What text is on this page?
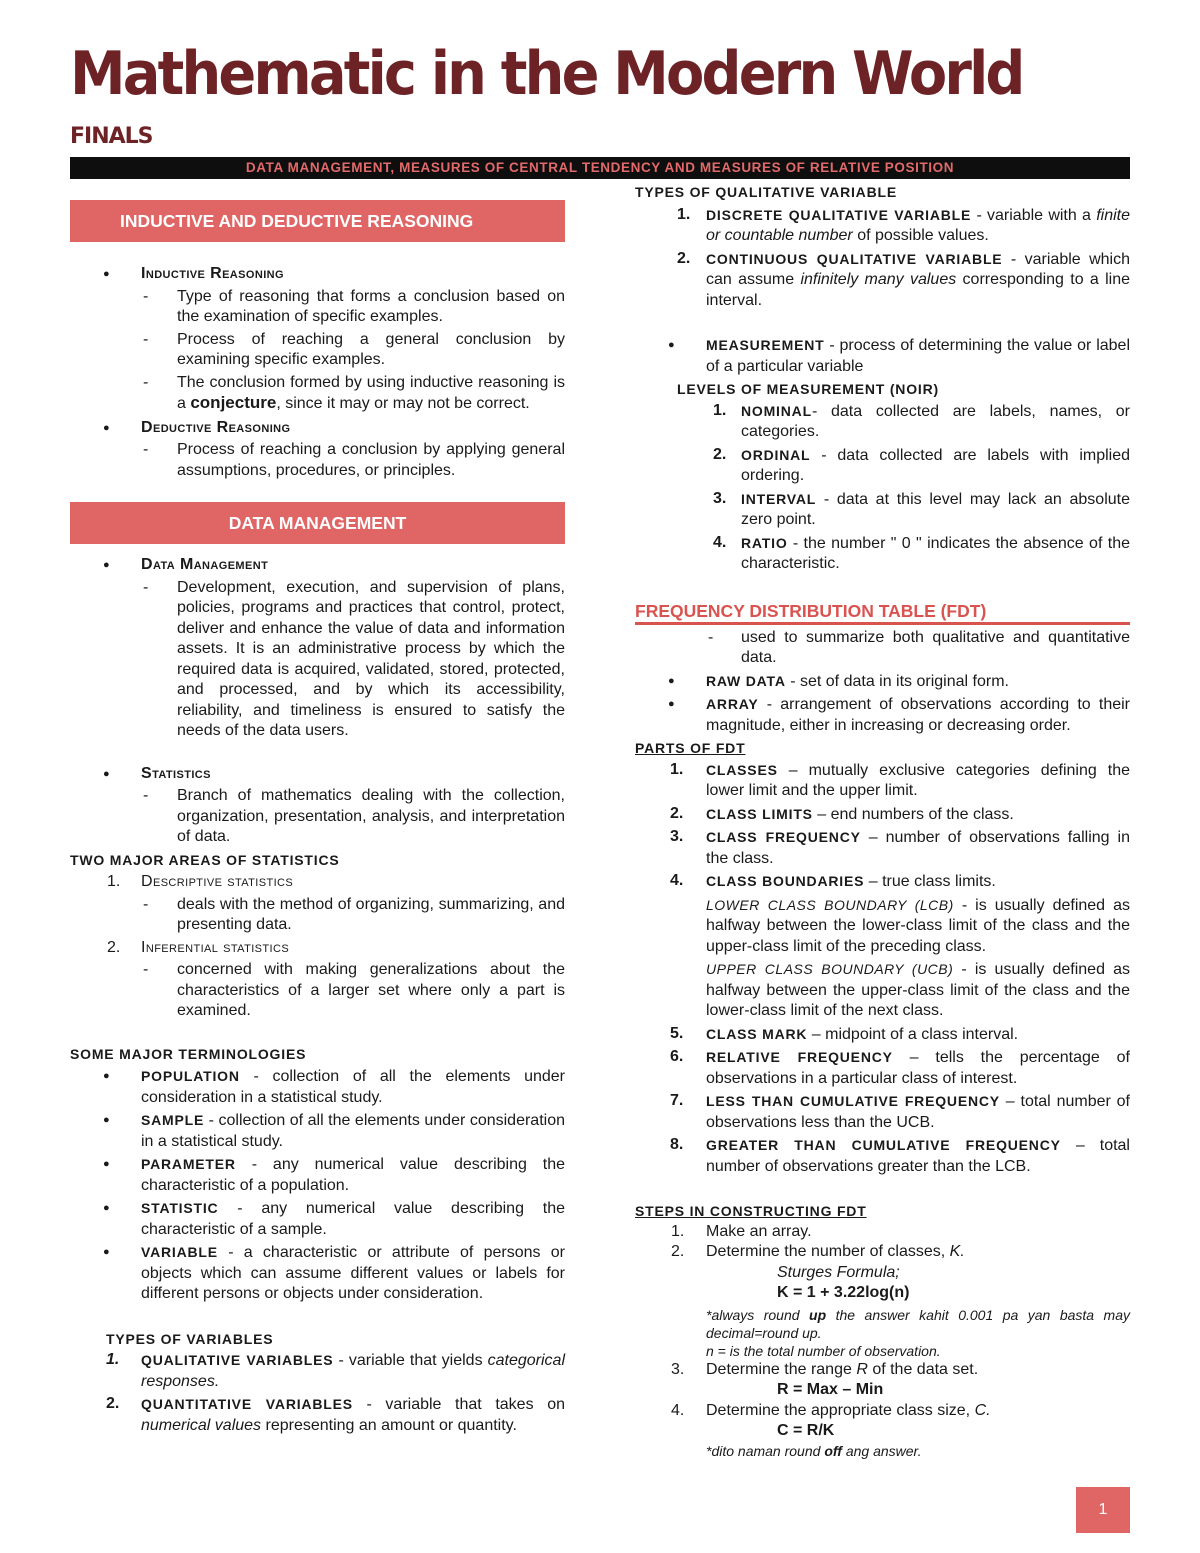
Mathematic in the Modern World
FINALS
DATA MANAGEMENT, MEASURES OF CENTRAL TENDENCY AND MEASURES OF RELATIVE POSITION
INDUCTIVE AND DEDUCTIVE REASONING
● Inductive Reasoning
- Type of reasoning that forms a conclusion based on the examination of specific examples.
- Process of reaching a general conclusion by examining specific examples.
- The conclusion formed by using inductive reasoning is a conjecture, since it may or may not be correct.
● Deductive Reasoning
- Process of reaching a conclusion by applying general assumptions, procedures, or principles.
DATA MANAGEMENT
● Data Management
- Development, execution, and supervision of plans, policies, programs and practices that control, protect, deliver and enhance the value of data and information assets. It is an administrative process by which the required data is acquired, validated, stored, protected, and processed, and by which its accessibility, reliability, and timeliness is ensured to satisfy the needs of the data users.
● Statistics
- Branch of mathematics dealing with the collection, organization, presentation, analysis, and interpretation of data.
TWO MAJOR AREAS OF STATISTICS
1. Descriptive statistics
- deals with the method of organizing, summarizing, and presenting data.
2. Inferential statistics
- concerned with making generalizations about the characteristics of a larger set where only a part is examined.
SOME MAJOR TERMINOLOGIES
● POPULATION - collection of all the elements under consideration in a statistical study.
● SAMPLE - collection of all the elements under consideration in a statistical study.
● PARAMETER - any numerical value describing the characteristic of a population.
● STATISTIC - any numerical value describing the characteristic of a sample.
● VARIABLE - a characteristic or attribute of persons or objects which can assume different values or labels for different persons or objects under consideration.
TYPES OF VARIABLES
1. QUALITATIVE VARIABLES - variable that yields categorical responses.
2. QUANTITATIVE VARIABLES - variable that takes on numerical values representing an amount or quantity.
TYPES OF QUALITATIVE VARIABLE
1. DISCRETE QUALITATIVE VARIABLE - variable with a finite or countable number of possible values.
2. CONTINUOUS QUALITATIVE VARIABLE - variable which can assume infinitely many values corresponding to a line interval.
● MEASUREMENT - process of determining the value or label of a particular variable
LEVELS OF MEASUREMENT (NOIR)
1. NOMINAL- data collected are labels, names, or categories.
2. ORDINAL - data collected are labels with implied ordering.
3. INTERVAL - data at this level may lack an absolute zero point.
4. RATIO - the number " 0 " indicates the absence of the characteristic.
FREQUENCY DISTRIBUTION TABLE (FDT)
- used to summarize both qualitative and quantitative data.
● RAW DATA - set of data in its original form.
● ARRAY - arrangement of observations according to their magnitude, either in increasing or decreasing order.
PARTS OF FDT
1. CLASSES – mutually exclusive categories defining the lower limit and the upper limit.
2. CLASS LIMITS – end numbers of the class.
3. CLASS FREQUENCY – number of observations falling in the class.
4. CLASS BOUNDARIES – true class limits.
LOWER CLASS BOUNDARY (LCB) - is usually defined as halfway between the lower-class limit of the class and the upper-class limit of the preceding class.
UPPER CLASS BOUNDARY (UCB) - is usually defined as halfway between the upper-class limit of the class and the lower-class limit of the next class.
5. CLASS MARK – midpoint of a class interval.
6. RELATIVE FREQUENCY – tells the percentage of observations in a particular class of interest.
7. LESS THAN CUMULATIVE FREQUENCY – total number of observations less than the UCB.
8. GREATER THAN CUMULATIVE FREQUENCY – total number of observations greater than the LCB.
STEPS IN CONSTRUCTING FDT
1. Make an array.
2. Determine the number of classes, K.
Sturges Formula;
K = 1 + 3.22log(n)
*always round up the answer kahit 0.001 pa yan basta may decimal=round up.
n = is the total number of observation.
3. Determine the range R of the data set.
R = Max – Min
4. Determine the appropriate class size, C.
C = R/K
*dito naman round off ang answer.
1
